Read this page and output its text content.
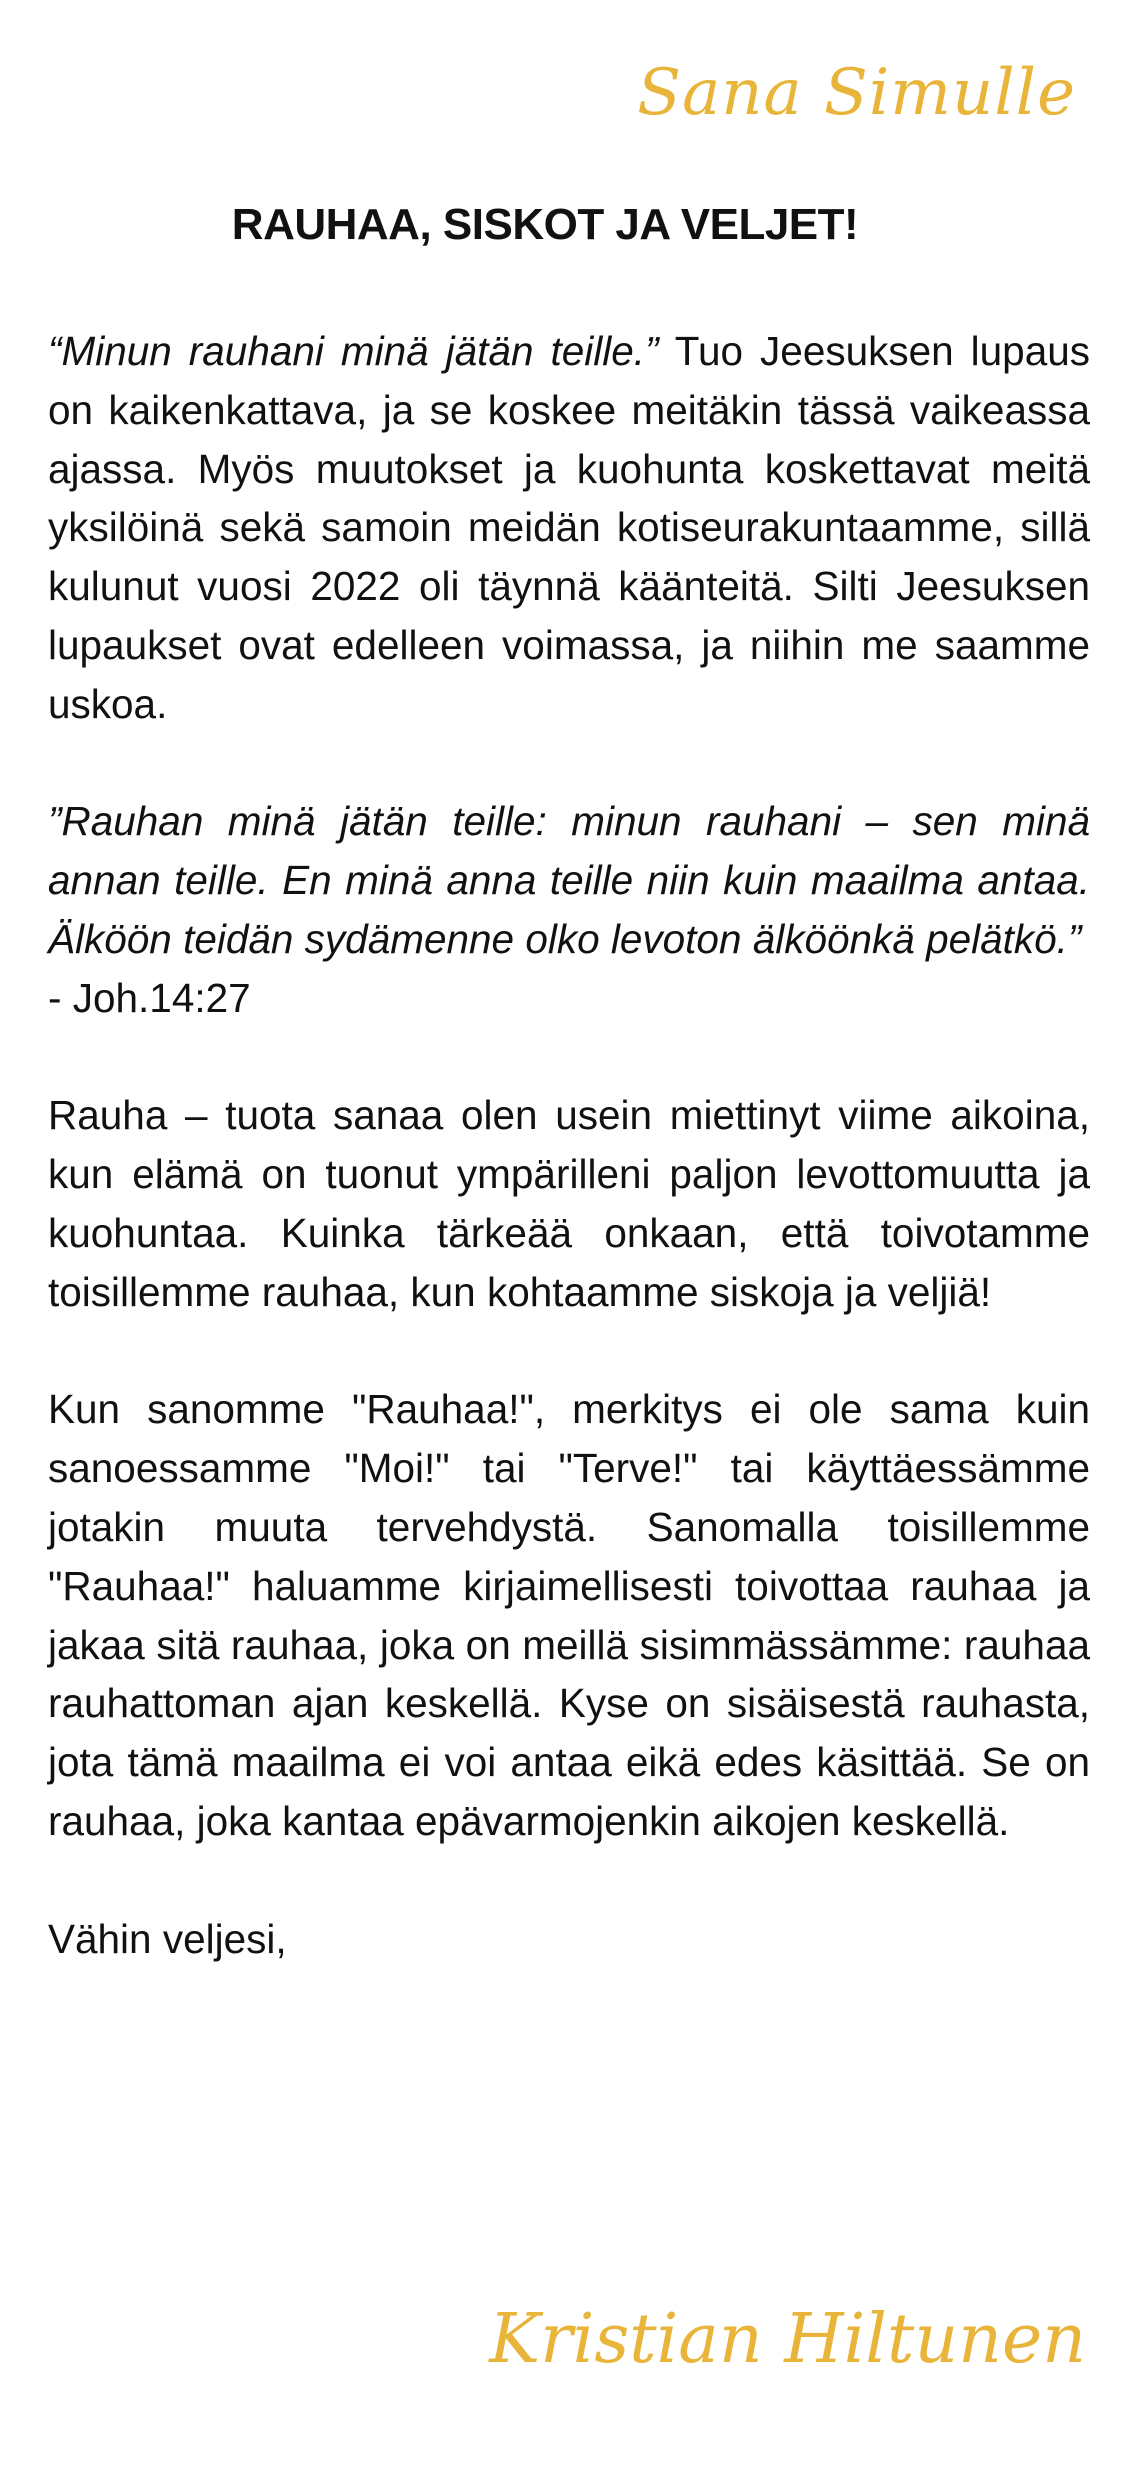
Sana Simulle
RAUHAA, SISKOT JA VELJET!

“Minun rauhani minä jätän teille.” Tuo Jeesuksen lupaus on kaikenkattava, ja se koskee meitäkin tässä vaikeassa ajassa. Myös muutokset ja kuohunta koskettavat meitä yksilöinä sekä samoin meidän kotiseurakuntaamme, sillä kulunut vuosi 2022 oli täynnä käänteitä. Silti Jeesuksen lupaukset ovat edelleen voimassa, ja niihin me saamme uskoa.

”Rauhan minä jätän teille: minun rauhani – sen minä annan teille. En minä anna teille niin kuin maailma antaa. Älköön teidän sydämenne olko levoton älköönkä pelätkö.”

- Joh.14:27

Rauha – tuota sanaa olen usein miettinyt viime aikoina, kun elämä on tuonut ympärilleni paljon levottomuutta ja kuohuntaa. Kuinka tärkeää onkaan, että toivotamme toisillemme rauhaa, kun kohtaamme siskoja ja veljiä!

Kun sanomme "Rauhaa!", merkitys ei ole sama kuin sanoessamme "Moi!" tai "Terve!" tai käyttäessämme jotakin muuta tervehdystä. Sanomalla toisillemme "Rauhaa!" haluamme kirjaimellisesti toivottaa rauhaa ja jakaa sitä rauhaa, joka on meillä sisimmässämme: rauhaa rauhattoman ajan keskellä. Kyse on sisäisestä rauhasta, jota tämä maailma ei voi antaa eikä edes käsittää. Se on rauhaa, joka kantaa epävarmojenkin aikojen keskellä.

Vähin veljesi,

Kristian Hiltunen
